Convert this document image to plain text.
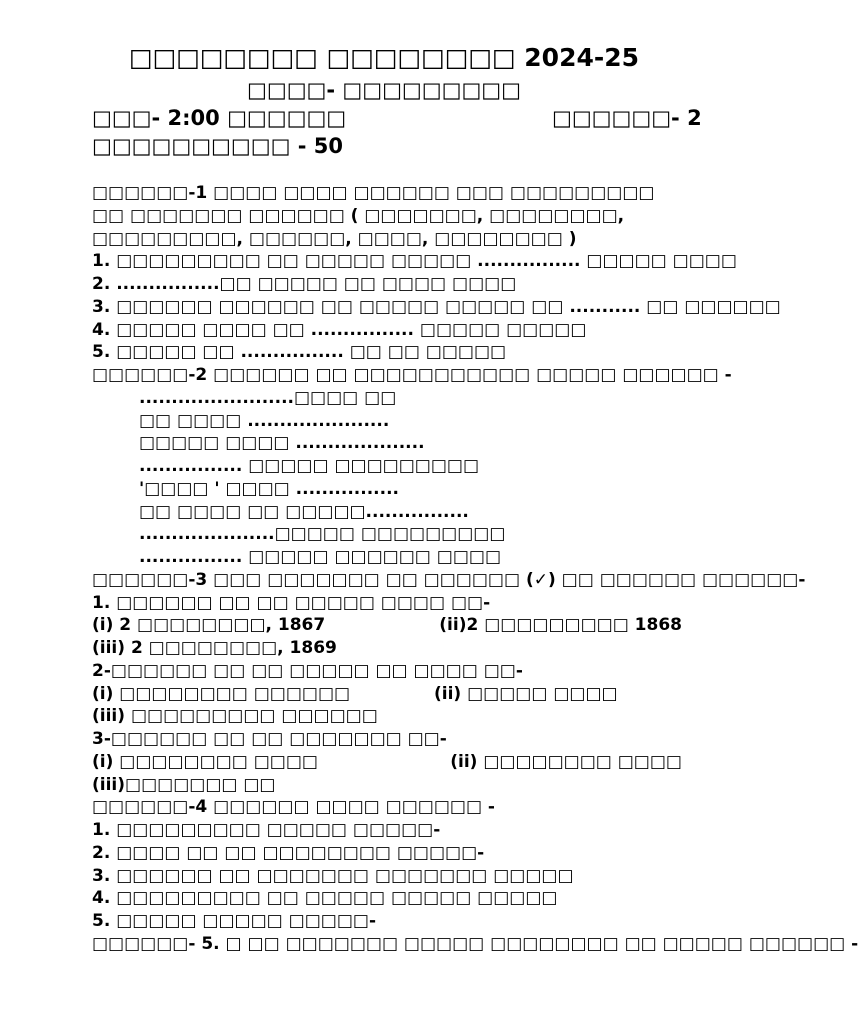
□□□□□□□□ □□□□□□□□ 2024-25
□□□□- □□□□□□□□□
□□□- 2:00 □□□□□□	□□□□□□- 2
□□□□□□□□□□ - 50
□□□□□□-1 □□□□ □□□□ □□□□□□ □□□ □□□□□□□□□ □□ □□□□□□□ □□□□□□ ( □□□□□□□, □□□□□□□□, □□□□□□□□□, □□□□□□, □□□□, □□□□□□□□ )
1. □□□□□□□□□ □□ □□□□□ □□□□□ ................ □□□□□ □□□□
2. ................□□ □□□□□ □□ □□□□ □□□□
3. □□□□□□ □□□□□□ □□ □□□□□ □□□□□ □□ ........... □□ □□□□□□
4. □□□□□ □□□□ □□ ................ □□□□□ □□□□□
5. □□□□□ □□ ................ □□ □□ □□□□□
□□□□□□-2 □□□□□□ □□ □□□□□□□□□□□ □□□□□ □□□□□□ -
........................□□□□ □□
□□ □□□□ ......................
□□□□□ □□□□ ....................
................ □□□□□ □□□□□□□□□
'□□□□ ' □□□□ ................
□□ □□□□ □□ □□□□□................
.....................□□□□□ □□□□□□□□□
................ □□□□□ □□□□□□ □□□□
□□□□□□-3 □□□ □□□□□□□ □□ □□□□□□ (✓) □□ □□□□□□ □□□□□□-
1. □□□□□□ □□ □□ □□□□□ □□□□ □□-
(i) 2 □□□□□□□□, 1867	(ii)2 □□□□□□□□□ 1868
(iii) 2 □□□□□□□□, 1869
2-□□□□□□ □□ □□ □□□□□ □□ □□□□ □□-
(i) □□□□□□□□ □□□□□□	(ii) □□□□□ □□□□
(iii) □□□□□□□□□ □□□□□□
3-□□□□□□ □□ □□ □□□□□□□ □□-
(i) □□□□□□□□ □□□□	(ii) □□□□□□□□ □□□□
(iii)□□□□□□□ □□
□□□□□□-4 □□□□□□ □□□□ □□□□□□ -
1. □□□□□□□□□ □□□□□ □□□□□-
2. □□□□ □□ □□ □□□□□□□□ □□□□□-
3. □□□□□□ □□ □□□□□□□ □□□□□□□ □□□□□
4. □□□□□□□□□ □□ □□□□□ □□□□□ □□□□□
5. □□□□□ □□□□□ □□□□□-
□□□□□□- 5. □ □□ □□□□□□□ □□□□□ □□□□□□□□ □□ □□□□□ □□□□□□ -
